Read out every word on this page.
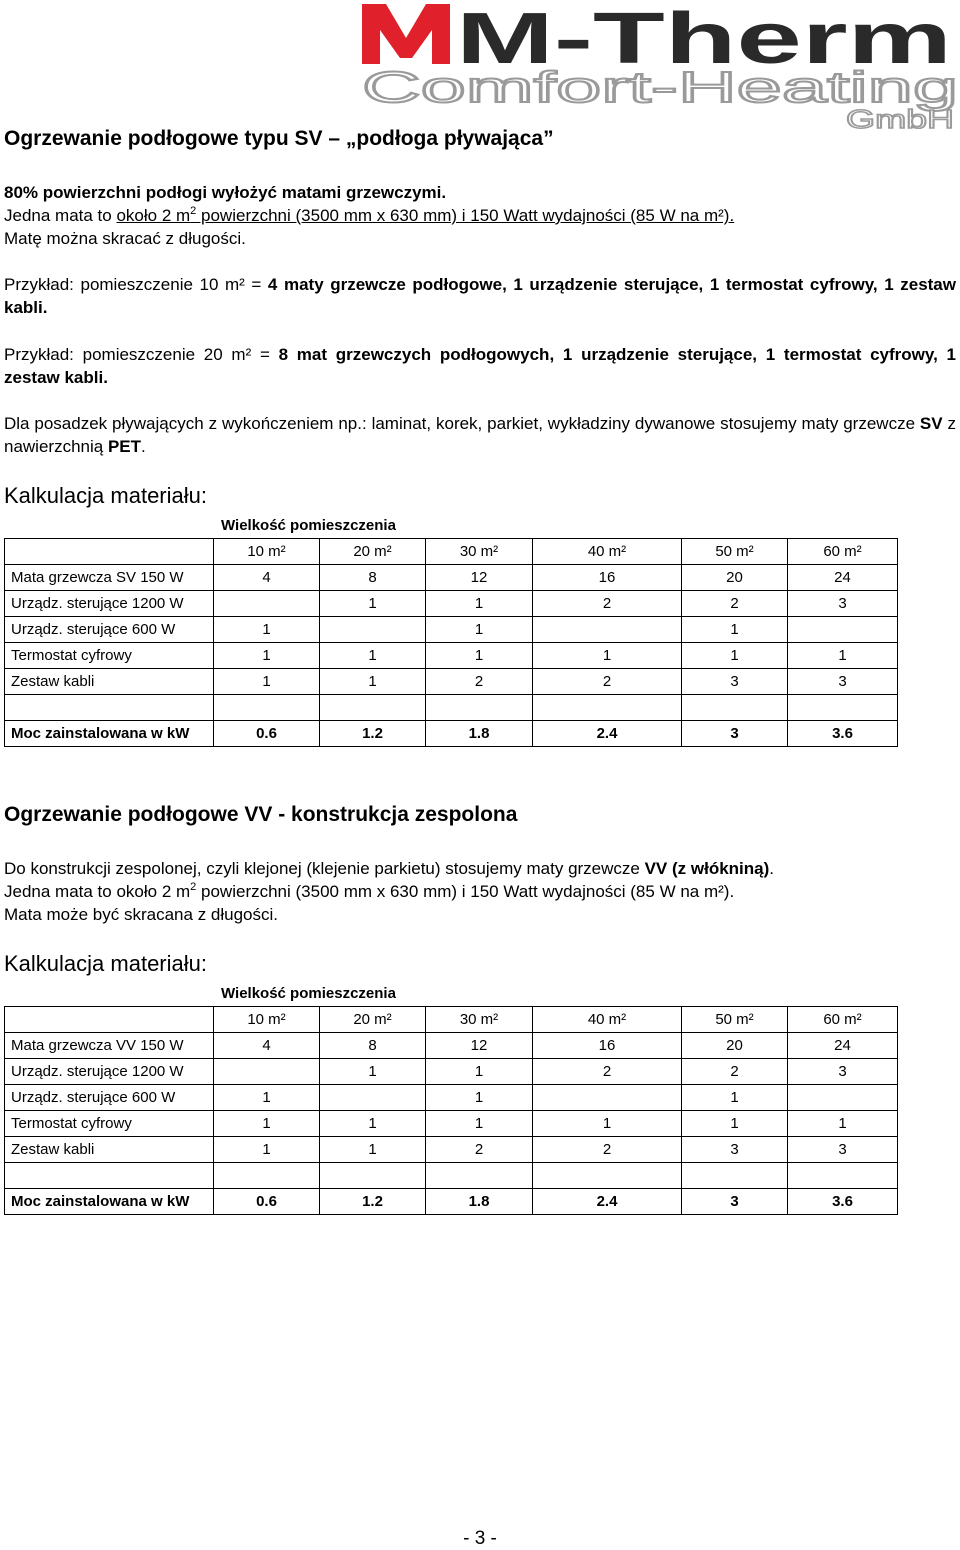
M-Therm
Comfort-Heating
GmbH
Ogrzewanie podłogowe typu SV – „podłoga pływająca”
80% powierzchni podłogi wyłożyć matami grzewczymi.
Jedna mata to około 2 $m^2$ powierzchni (3500 mm x 630 mm) i 150 Watt wydajności (85 W na m²).
Matę można skracać z długości.
Przykład: pomieszczenie 10 m² = 4 maty grzewcze podłogowe, 1 urządzenie sterujące, 1 termostat cyfrowy, 1 zestaw kabli.
Przykład: pomieszczenie 20 m² = 8 mat grzewczych podłogowych, 1 urządzenie sterujące, 1 termostat cyfrowy, 1 zestaw kabli.
Dla posadzek pływających z wykończeniem np.: laminat, korek, parkiet, wykładziny dywanowe stosujemy maty grzewcze SV z nawierzchnią PET.
Kalkulacja materiału:
Wielkość pomieszczenia
	10 m²	20 m²	30 m²	40 m²	50 m²	60 m²
Mata grzewcza SV 150 W	4	8	12	16	20	24
Urządz. sterujące 1200 W		1	1	2	2	3
Urządz. sterujące 600 W	1		1		1	
Termostat cyfrowy	1	1	1	1	1	1
Zestaw kabli	1	1	2	2	3	3

Moc zainstalowana w kW	0.6	1.2	1.8	2.4	3	3.6
Ogrzewanie podłogowe VV - konstrukcja zespolona
Do konstrukcji zespolonej, czyli klejonej (klejenie parkietu) stosujemy maty grzewcze VV (z włókniną).
Jedna mata to około 2 $m^2$ powierzchni (3500 mm x 630 mm) i 150 Watt wydajności (85 W na m²).
Mata może być skracana z długości.
Kalkulacja materiału:
Wielkość pomieszczenia
	10 m²	20 m²	30 m²	40 m²	50 m²	60 m²
Mata grzewcza VV 150 W	4	8	12	16	20	24
Urządz. sterujące 1200 W		1	1	2	2	3
Urządz. sterujące 600 W	1		1		1	
Termostat cyfrowy	1	1	1	1	1	1
Zestaw kabli	1	1	2	2	3	3

Moc zainstalowana w kW	0.6	1.2	1.8	2.4	3	3.6
- 3 -
